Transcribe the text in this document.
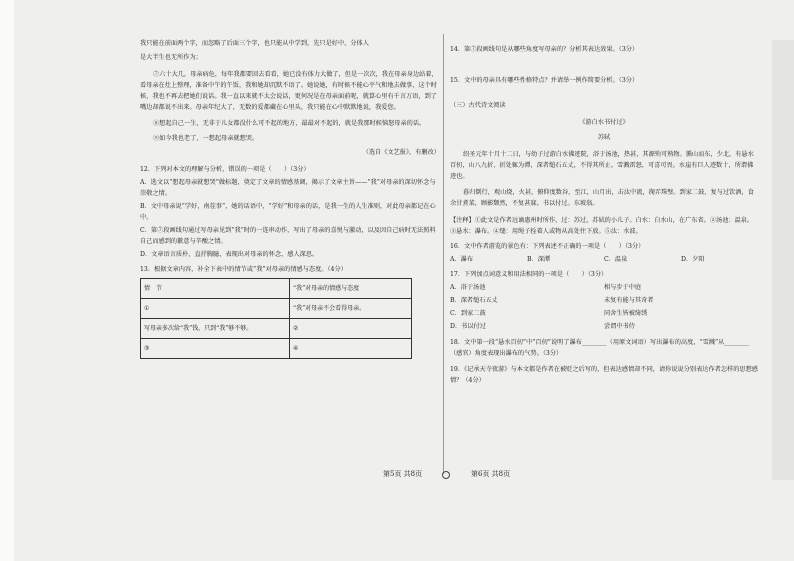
我只能在前面两个字，而忽略了后面三个字，也只能从中学到，先只是好中，分体人

是大半生也无所作为；

⑦六十大几，母亲病危，每年我都要回去看看，她已没有体力大做了，但是一次次，我在母亲身边站着，看母亲在灶上整理，准备中午的午饭，我和她却沉默不语了。她说她，有时候不能心平气和地去做事，这个时候，我也不再去把她们说话。我一直以来就不太会说话，更何况是在母亲面前呢，就算心里有千言万语，到了嘴边却都说不出来。母亲年纪大了，无数的爱都藏在心里头，我只能在心中默默地说，我爱您。

⑧想起自己一生，无非于儿女都没什么可不起的地方，最最对不起的，就是我那时候恼怒母亲的话。

⑨如今我也老了，一想起母亲就想哭。

（选自《文艺报》，有删改）

12．下列对本文的理解与分析，错误的一项是（　　）（3分）

A．选文以“想起母亲就想哭”做标题，奠定了文章的情感基调，揭示了文章主旨——“我”对母亲的深切怀念与崇敬之情。

B．文中母亲说“学好，南茬事”，她的话语中，“学好”和母亲的话，是我一生的人生准则，对此母亲都记在心中。

C．第⑦段画线句通过写母亲见到“我”时的一连串动作，写出了母亲的喜悦与激动，以及因自己病时无法照料自己而感到的歉意与辛酸之情。

D．文章语言质朴，直抒胸臆，表现出对母亲的怀念，感人深思。

13．根据文章内容，补全下表中的情节或“我”对母亲的情感与态度。（4分）

情　节	“我”对母亲的情感与态度
①	“我”对母亲不会看得母亲。
写母亲多次给“我”钱，只到“我”够不够。	②
③	④

14．第⑦段画线句是从哪些角度写母亲的？分析其表达效果。（3分）

15．文中的母亲具有哪些性格特点？并请举一例作简要分析。（3分）

（三）古代诗文阅读

《游白水书付过》

苏轼

绍圣元年十月十二日，与幼子过游白水佛迹院，浴于汤池，热甚，其源殆可熟物。循山而东，少北，有悬水百仞，山八九折，折处辄为潭，深者缒石五丈，不得其所止。雪溅雷怒，可喜可畏。水崖有巨人迹数十，所谓佛迹也。

暮归倒行，观山烧，火甚，俯仰度数谷，至江，山月出，击汰中流，掬弄珠璧。到家二鼓，复与过饮酒，食余甘煮菜，顾影颓然，不复甚寐。书以付过。东坡翁。

【注释】①此文是作者远谪惠州时所作，过：苏过，苏轼的小儿子。白水：白水山，在广东省。②汤池：温泉。③悬水：瀑布。④缒：用绳子拴着人或物从高处往下放。⑤汰：水波。

16．文中作者游览的景色有：下列表述不正确的一项是（　　）（3分）

A．瀑布	B．深潭	C．温泉	D．夕阳

17．下列加点词意义和用法相同的一项是（　　）（3分）

A．浴于汤池	相与步于中庭
B．深者缒石五丈	未复有能与其奇者
C．到家二鼓	同舍生皆被绮绣
D．书以付过	尝谓中书侍

18．文中第一段“悬水百仞”中“百仞”说明了瀑布________（用原文词语）写出瀑布的高度，“雪溅”从________（感官）角度表现出瀑布的气势。（3分）

19．《记承天寺夜游》与本文都是作者在被贬之后写的，但表达感情却不同，请你说说分别表达作者怎样的思想感情？（4分）

第5页 共8页	第6页 共8页
